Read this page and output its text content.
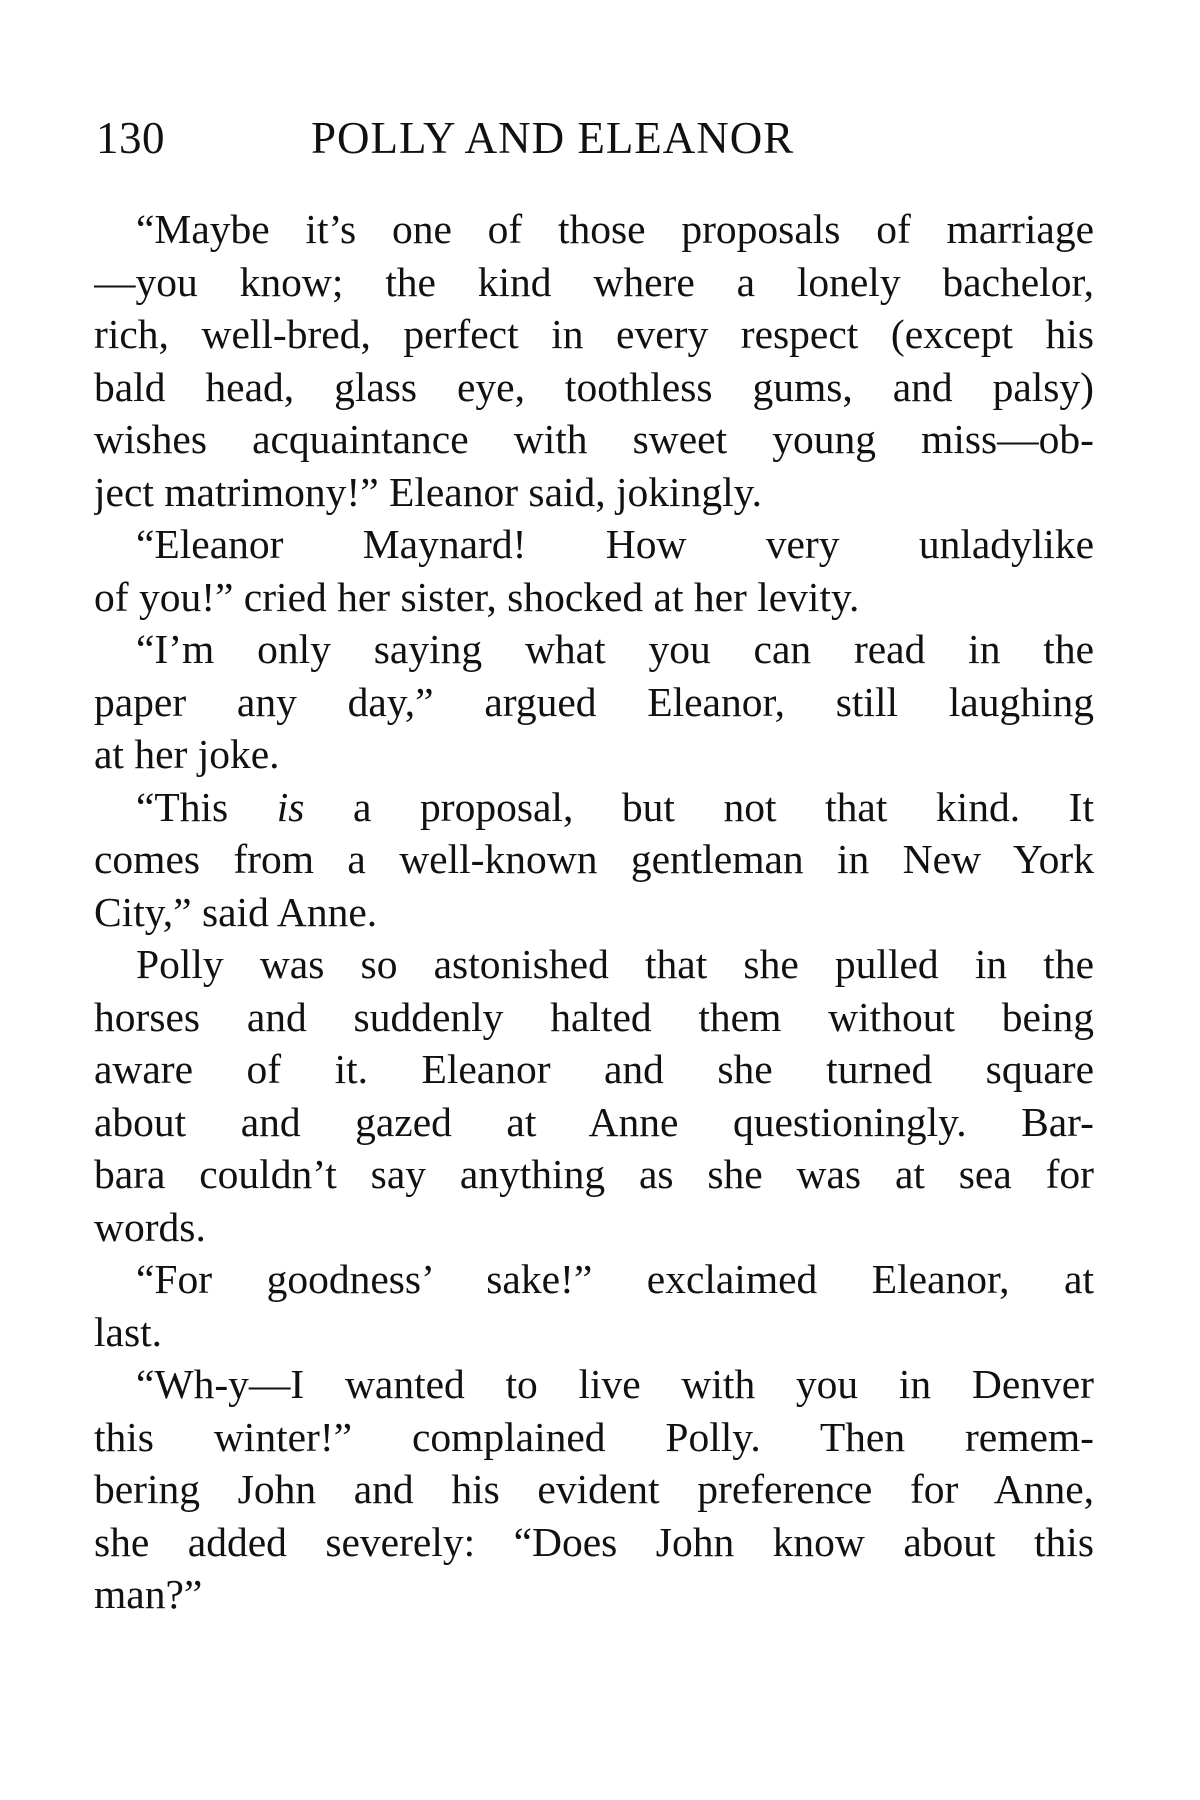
130	POLLY AND ELEANOR
“Maybe it’s one of those proposals of marriage
—you know; the kind where a lonely bachelor,
rich, well-bred, perfect in every respect (except his
bald head, glass eye, toothless gums, and palsy)
wishes acquaintance with sweet young miss—ob-
ject matrimony!” Eleanor said, jokingly.
“Eleanor Maynard! How very unladylike
of you!” cried her sister, shocked at her levity.
“I’m only saying what you can read in the
paper any day,” argued Eleanor, still laughing
at her joke.
“This is a proposal, but not that kind. It
comes from a well-known gentleman in New York
City,” said Anne.
Polly was so astonished that she pulled in the
horses and suddenly halted them without being
aware of it. Eleanor and she turned square
about and gazed at Anne questioningly. Bar-
bara couldn’t say anything as she was at sea for
words.
“For goodness’ sake!” exclaimed Eleanor, at
last.
“Wh-y—I wanted to live with you in Denver
this winter!” complained Polly. Then remem-
bering John and his evident preference for Anne,
she added severely: “Does John know about this
man?”
